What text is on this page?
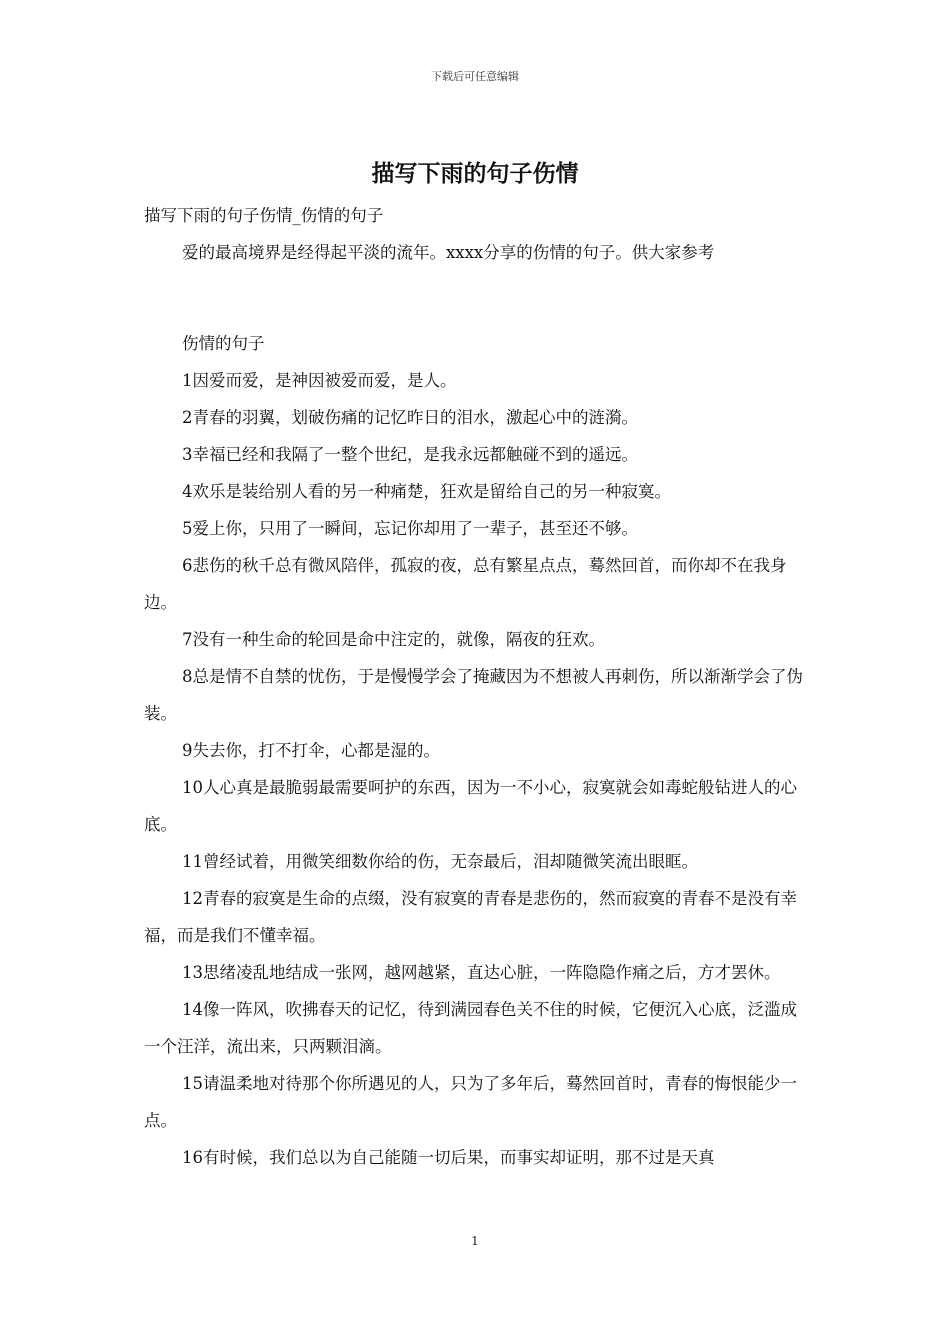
下载后可任意编辑
描写下雨的句子伤情

描写下雨的句子伤情_伤情的句子

爱的最高境界是经得起平淡的流年。xxxx分享的伤情的句子。供大家参考

伤情的句子

1因爱而爱，是神因被爱而爱，是人。

2青春的羽翼，划破伤痛的记忆昨日的泪水，激起心中的涟漪。

3幸福已经和我隔了一整个世纪，是我永远都触碰不到的遥远。

4欢乐是装给别人看的另一种痛楚，狂欢是留给自己的另一种寂寞。

5爱上你，只用了一瞬间，忘记你却用了一辈子，甚至还不够。

6悲伤的秋千总有微风陪伴，孤寂的夜，总有繁星点点，蓦然回首，而你却不在我身边。

7没有一种生命的轮回是命中注定的，就像，隔夜的狂欢。

8总是情不自禁的忧伤，于是慢慢学会了掩藏因为不想被人再刺伤，所以渐渐学会了伪装。

9失去你，打不打伞，心都是湿的。

10人心真是最脆弱最需要呵护的东西，因为一不小心，寂寞就会如毒蛇般钻进人的心底。

11曾经试着，用微笑细数你给的伤，无奈最后，泪却随微笑流出眼眶。

12青春的寂寞是生命的点缀，没有寂寞的青春是悲伤的，然而寂寞的青春不是没有幸福，而是我们不懂幸福。

13思绪凌乱地结成一张网，越网越紧，直达心脏，一阵隐隐作痛之后，方才罢休。

14像一阵风，吹拂春天的记忆，待到满园春色关不住的时候，它便沉入心底，泛滥成一个汪洋，流出来，只两颗泪滴。

15请温柔地对待那个你所遇见的人，只为了多年后，蓦然回首时，青春的悔恨能少一点。

16有时候，我们总以为自己能随一切后果，而事实却证明，那不过是天真

1
